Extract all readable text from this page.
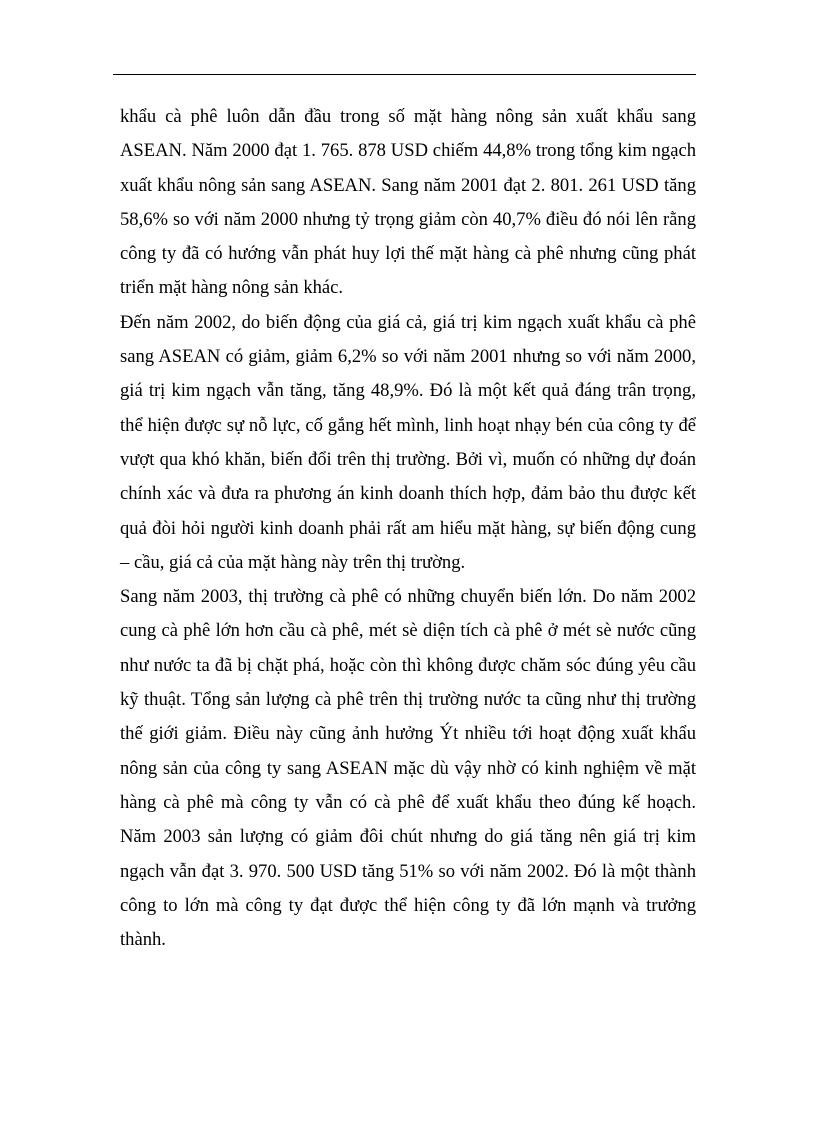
khẩu cà phê luôn dẫn đầu trong số mặt hàng nông sản xuất khẩu sang ASEAN. Năm 2000 đạt 1. 765. 878 USD chiếm 44,8% trong tổng kim ngạch xuất khẩu nông sản sang ASEAN. Sang năm 2001 đạt 2. 801. 261 USD tăng 58,6% so với năm 2000 nhưng tỷ trọng giảm còn 40,7% điều đó nói lên rằng công ty đã có hướng vẫn phát huy lợi thế mặt hàng cà phê nhưng cũng phát triển mặt hàng nông sản khác.

Đến năm 2002, do biến động của giá cả, giá trị kim ngạch xuất khẩu cà phê sang ASEAN có giảm, giảm 6,2% so với năm 2001 nhưng so với năm 2000, giá trị kim ngạch vẫn tăng, tăng 48,9%. Đó là một kết quả đáng trân trọng, thể hiện được sự nỗ lực, cố gắng hết mình, linh hoạt nhạy bén của công ty để vượt qua khó khăn, biến đổi trên thị trường. Bởi vì, muốn có những dự đoán chính xác và đưa ra phương án kinh doanh thích hợp, đảm bảo thu được kết quả đòi hỏi người kinh doanh phải rất am hiểu mặt hàng, sự biến động cung – cầu, giá cả của mặt hàng này trên thị trường.

Sang năm 2003, thị trường cà phê có những chuyển biến lớn. Do năm 2002 cung cà phê lớn hơn cầu cà phê, mét sè diện tích cà phê ở mét sè nước cũng như nước ta đã bị chặt phá, hoặc còn thì không được chăm sóc đúng yêu cầu kỹ thuật. Tổng sản lượng cà phê trên thị trường nước ta cũng như thị trường thế giới giảm. Điều này cũng ảnh hưởng Ýt nhiều tới hoạt động xuất khẩu nông sản của công ty sang ASEAN mặc dù vậy nhờ có kinh nghiệm về mặt hàng cà phê mà công ty vẫn có cà phê để xuất khẩu theo đúng kế hoạch. Năm 2003 sản lượng có giảm đôi chút nhưng do giá tăng nên giá trị kim ngạch vẫn đạt 3. 970. 500 USD tăng 51% so với năm 2002. Đó là một thành công to lớn mà công ty đạt được thể hiện công ty đã lớn mạnh và trưởng thành.
